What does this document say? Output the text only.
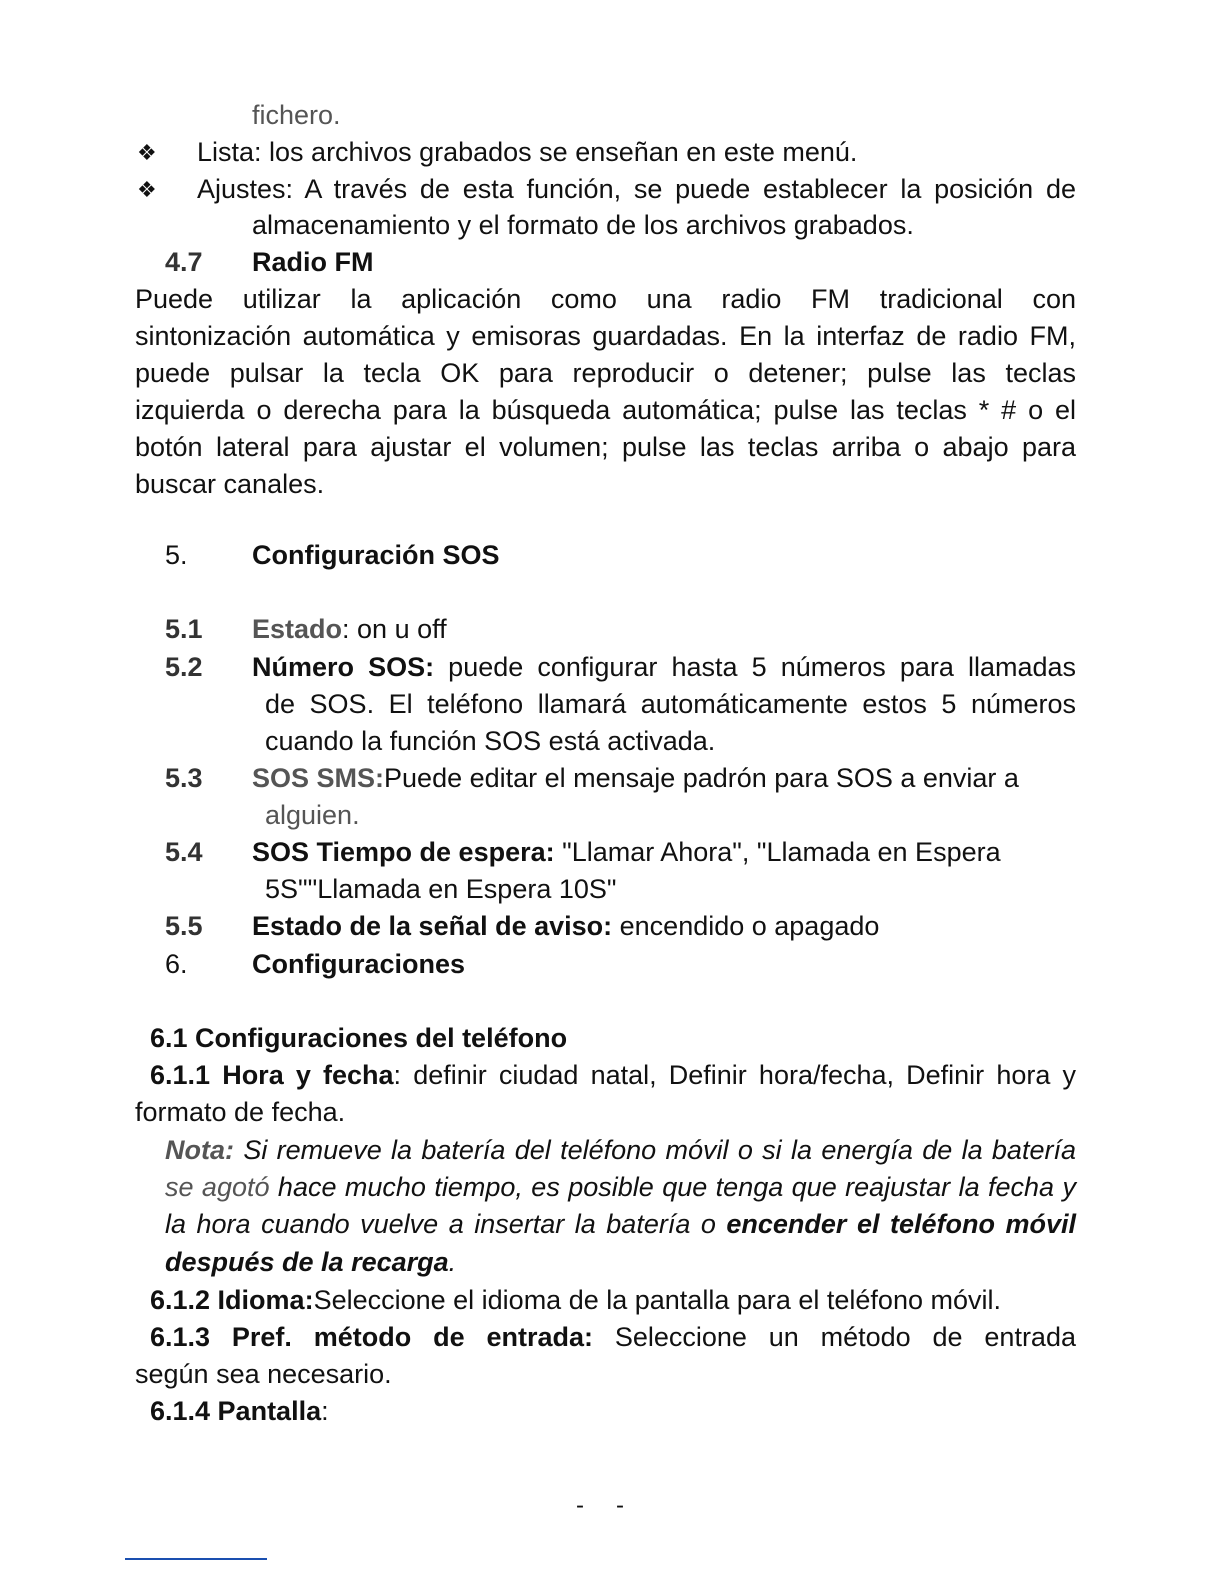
fichero.
❖ Lista: los archivos grabados se enseñan en este menú.
❖ Ajustes: A través de esta función, se puede establecer la posición de
almacenamiento y el formato de los archivos grabados.
4.7 Radio FM
Puede utilizar la aplicación como una radio FM tradicional con
sintonización automática y emisoras guardadas. En la interfaz de radio FM,
puede pulsar la tecla OK para reproducir o detener; pulse las teclas
izquierda o derecha para la búsqueda automática; pulse las teclas * # o el
botón lateral para ajustar el volumen; pulse las teclas arriba o abajo para
buscar canales.
5. Configuración SOS
5.1 Estado: on u off
5.2 Número SOS: puede configurar hasta 5 números para llamadas
de SOS. El teléfono llamará automáticamente estos 5 números
cuando la función SOS está activada.
5.3 SOS SMS:Puede editar el mensaje padrón para SOS a enviar a
alguien.
5.4 SOS Tiempo de espera: "Llamar Ahora", "Llamada en Espera
5S""Llamada en Espera 10S"
5.5 Estado de la señal de aviso: encendido o apagado
6. Configuraciones
6.1 Configuraciones del teléfono
6.1.1 Hora y fecha: definir ciudad natal, Definir hora/fecha, Definir hora y
formato de fecha.
Nota: Si remueve la batería del teléfono móvil o si la energía de la batería
se agotó hace mucho tiempo, es posible que tenga que reajustar la fecha y
la hora cuando vuelve a insertar la batería o encender el teléfono móvil
después de la recarga.
6.1.2 Idioma:Seleccione el idioma de la pantalla para el teléfono móvil.
6.1.3 Pref. método de entrada: Seleccione un método de entrada
según sea necesario.
6.1.4 Pantalla:
- -
